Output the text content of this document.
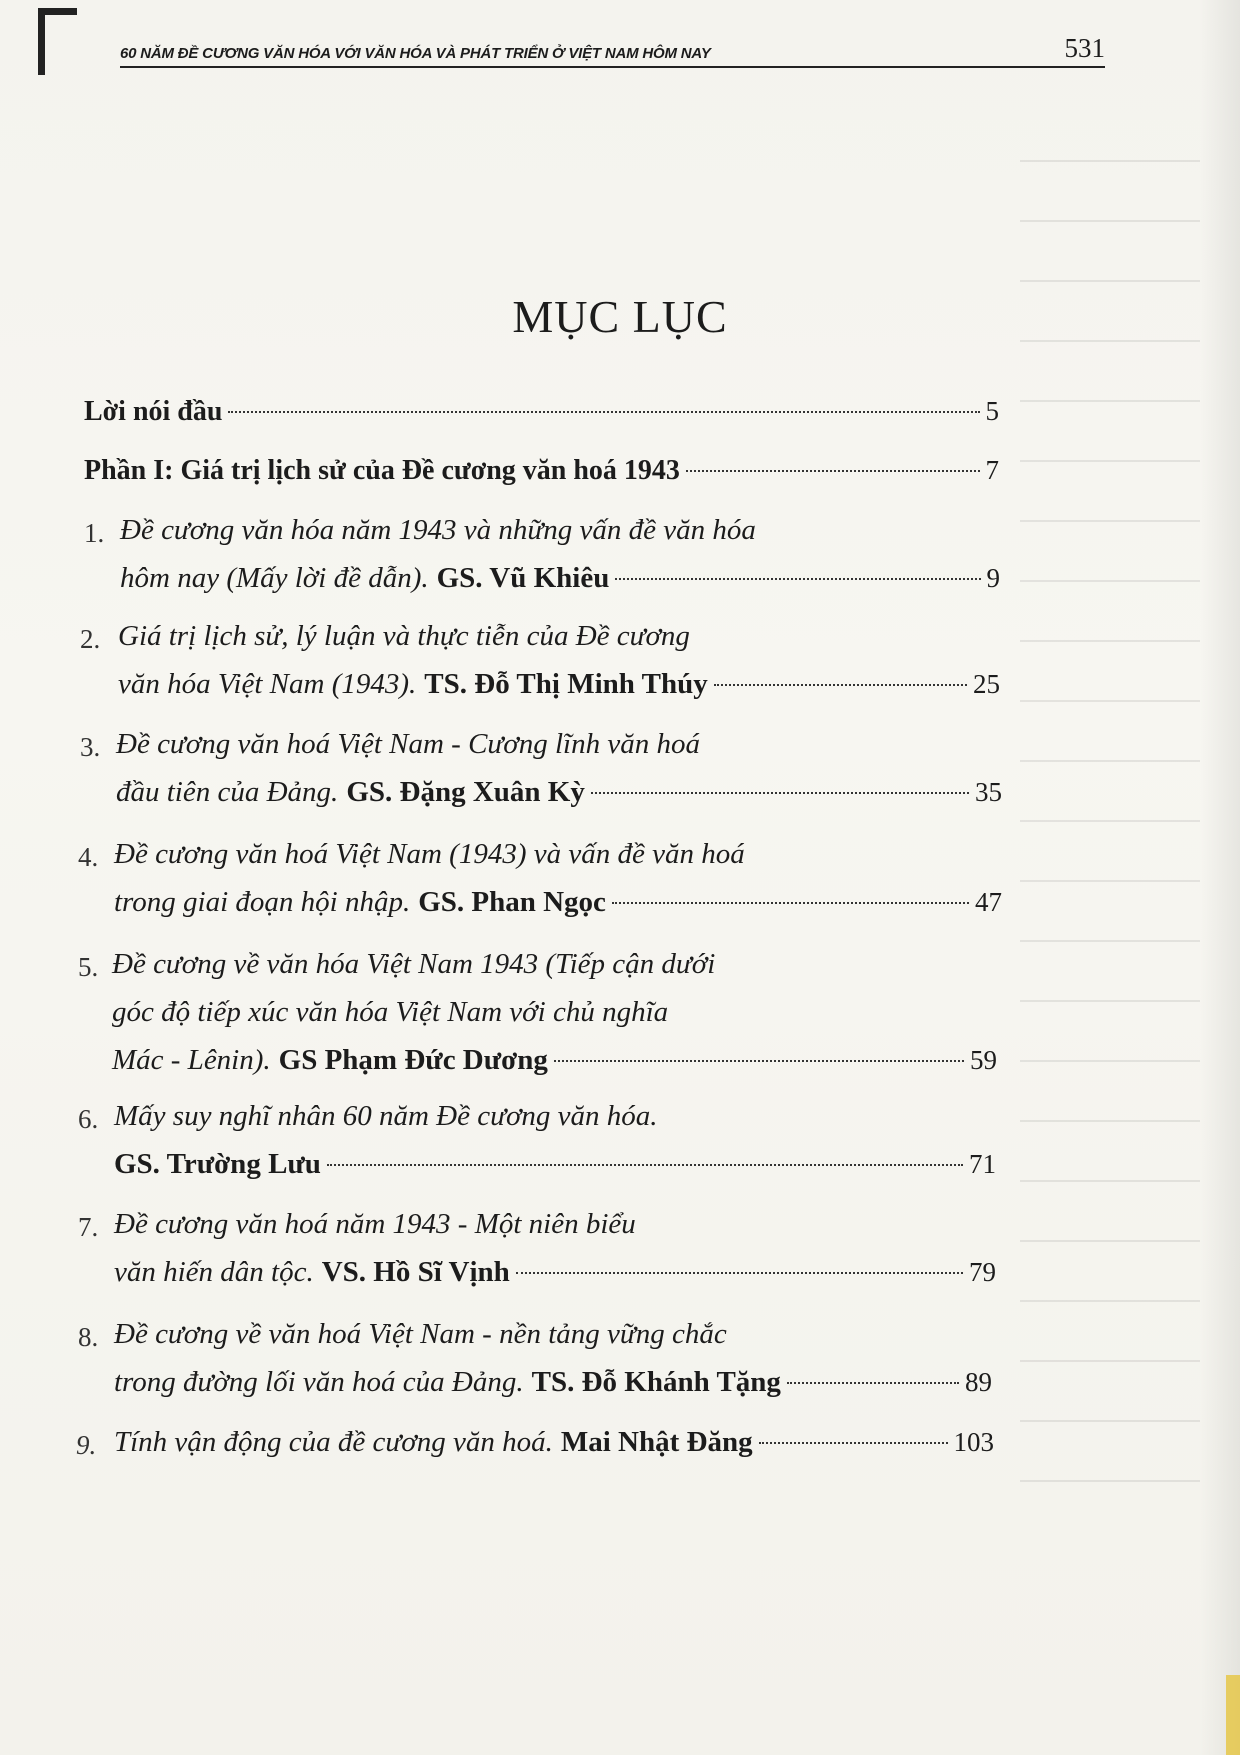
60 NĂM ĐỀ CƯƠNG VĂN HÓA VỚI VĂN HÓA VÀ PHÁT TRIỂN Ở VIỆT NAM HÔM NAY	531
MỤC LỤC
Lời nói đầu	5
Phần I: Giá trị lịch sử của Đề cương văn hoá 1943	7
1. Đề cương văn hóa năm 1943 và những vấn đề văn hóa
hôm nay (Mấy lời đề dẫn). GS. Vũ Khiêu	9
2. Giá trị lịch sử, lý luận và thực tiễn của Đề cương
văn hóa Việt Nam (1943). TS. Đỗ Thị Minh Thúy	25
3. Đề cương văn hoá Việt Nam - Cương lĩnh văn hoá
đầu tiên của Đảng. GS. Đặng Xuân Kỳ	35
4. Đề cương văn hoá Việt Nam (1943) và vấn đề văn hoá
trong giai đoạn hội nhập. GS. Phan Ngọc	47
5. Đề cương về văn hóa Việt Nam 1943 (Tiếp cận dưới
góc độ tiếp xúc văn hóa Việt Nam với chủ nghĩa
Mác - Lênin). GS Phạm Đức Dương	59
6. Mấy suy nghĩ nhân 60 năm Đề cương văn hóa.
GS. Trường Lưu	71
7. Đề cương văn hoá năm 1943 - Một niên biểu
văn hiến dân tộc. VS. Hồ Sĩ Vịnh	79
8. Đề cương về văn hoá Việt Nam - nền tảng vững chắc
trong đường lối văn hoá của Đảng. TS. Đỗ Khánh Tặng	89
9. Tính vận động của đề cương văn hoá. Mai Nhật Đăng	103
